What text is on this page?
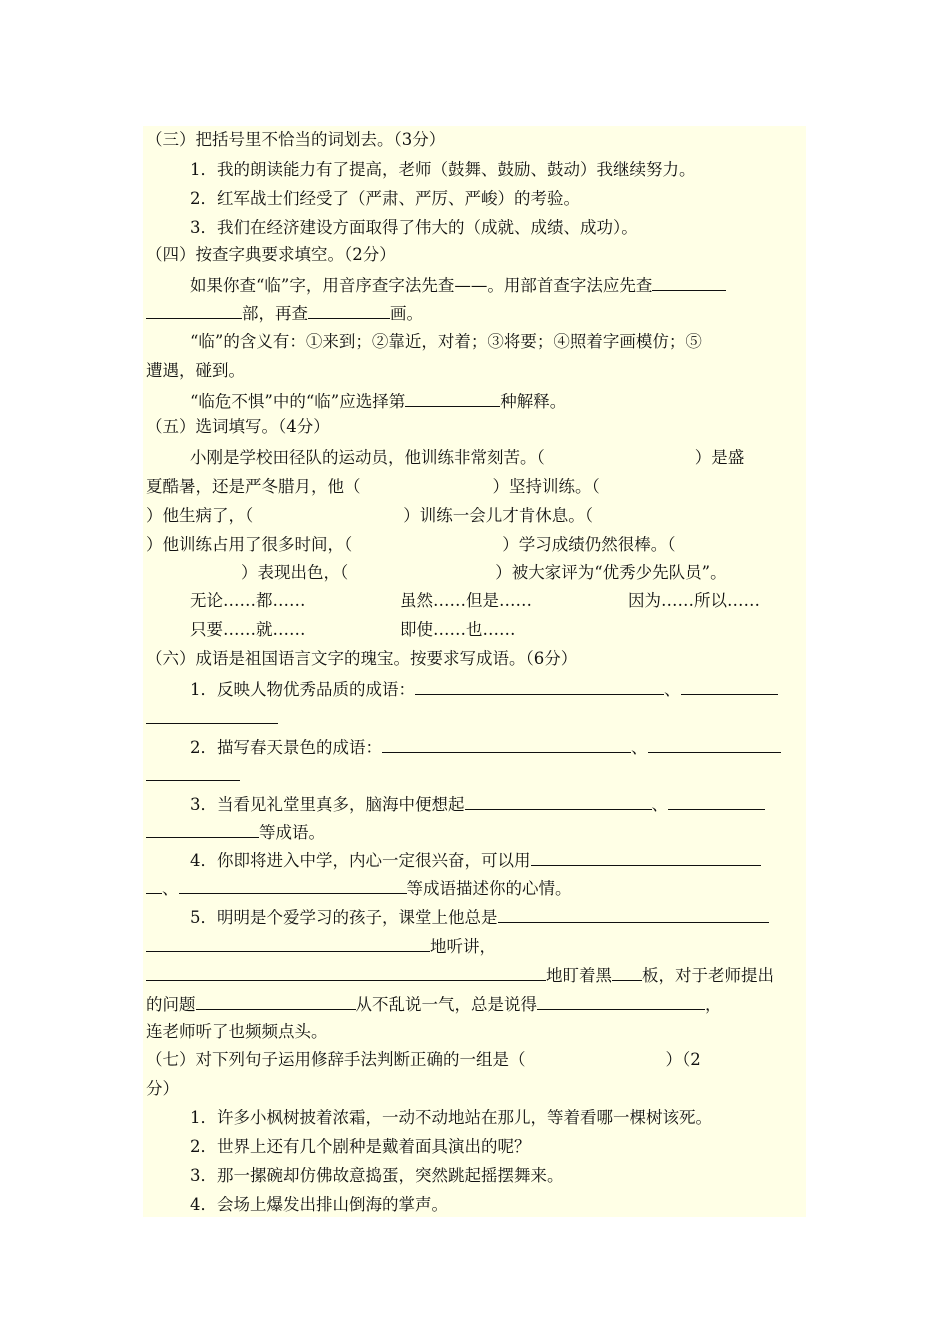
（三）把括号里不恰当的词划去。（3分）
1．我的朗读能力有了提高，老师（鼓舞、鼓励、鼓动）我继续努力。
2．红军战士们经受了（严肃、严厉、严峻）的考验。
3．我们在经济建设方面取得了伟大的（成就、成绩、成功）。
（四）按查字典要求填空。（2分）
如果你查“临”字，用音序查字法先查——。用部首查字法应先查
部，再查	画。
“临”的含义有：①来到；②靠近，对着；③将要；④照着字画模仿；⑤
遭遇，碰到。
“临危不惧”中的“临”应选择第	种解释。
（五）选词填写。（4分）
小刚是学校田径队的运动员，他训练非常刻苦。（	）是盛
夏酷暑，还是严冬腊月，他（	）坚持训练。（
）他生病了，（	）训练一会儿才肯休息。（
）他训练占用了很多时间，（	）学习成绩仍然很棒。（
）表现出色，（	）被大家评为“优秀少先队员”。
无论……都……	虽然……但是……	因为……所以……
只要……就……	即使……也……
（六）成语是祖国语言文字的瑰宝。按要求写成语。（6分）
1．反映人物优秀品质的成语：	、
2．描写春天景色的成语：	、
3．当看见礼堂里真多，脑海中便想起	、
等成语。
4．你即将进入中学，内心一定很兴奋，可以用
、	等成语描述你的心情。
5．明明是个爱学习的孩子，课堂上他总是
地听讲，
地盯着黑 板，对于老师提出
的问题	从不乱说一气，总是说得	，
连老师听了也频频点头。
（七）对下列句子运用修辞手法判断正确的一组是（	）（2
分）
1．许多小枫树披着浓霜，一动不动地站在那儿，等着看哪一棵树该死。
2．世界上还有几个剧种是戴着面具演出的呢？
3．那一摞碗却仿佛故意捣蛋，突然跳起摇摆舞来。
4．会场上爆发出排山倒海的掌声。
